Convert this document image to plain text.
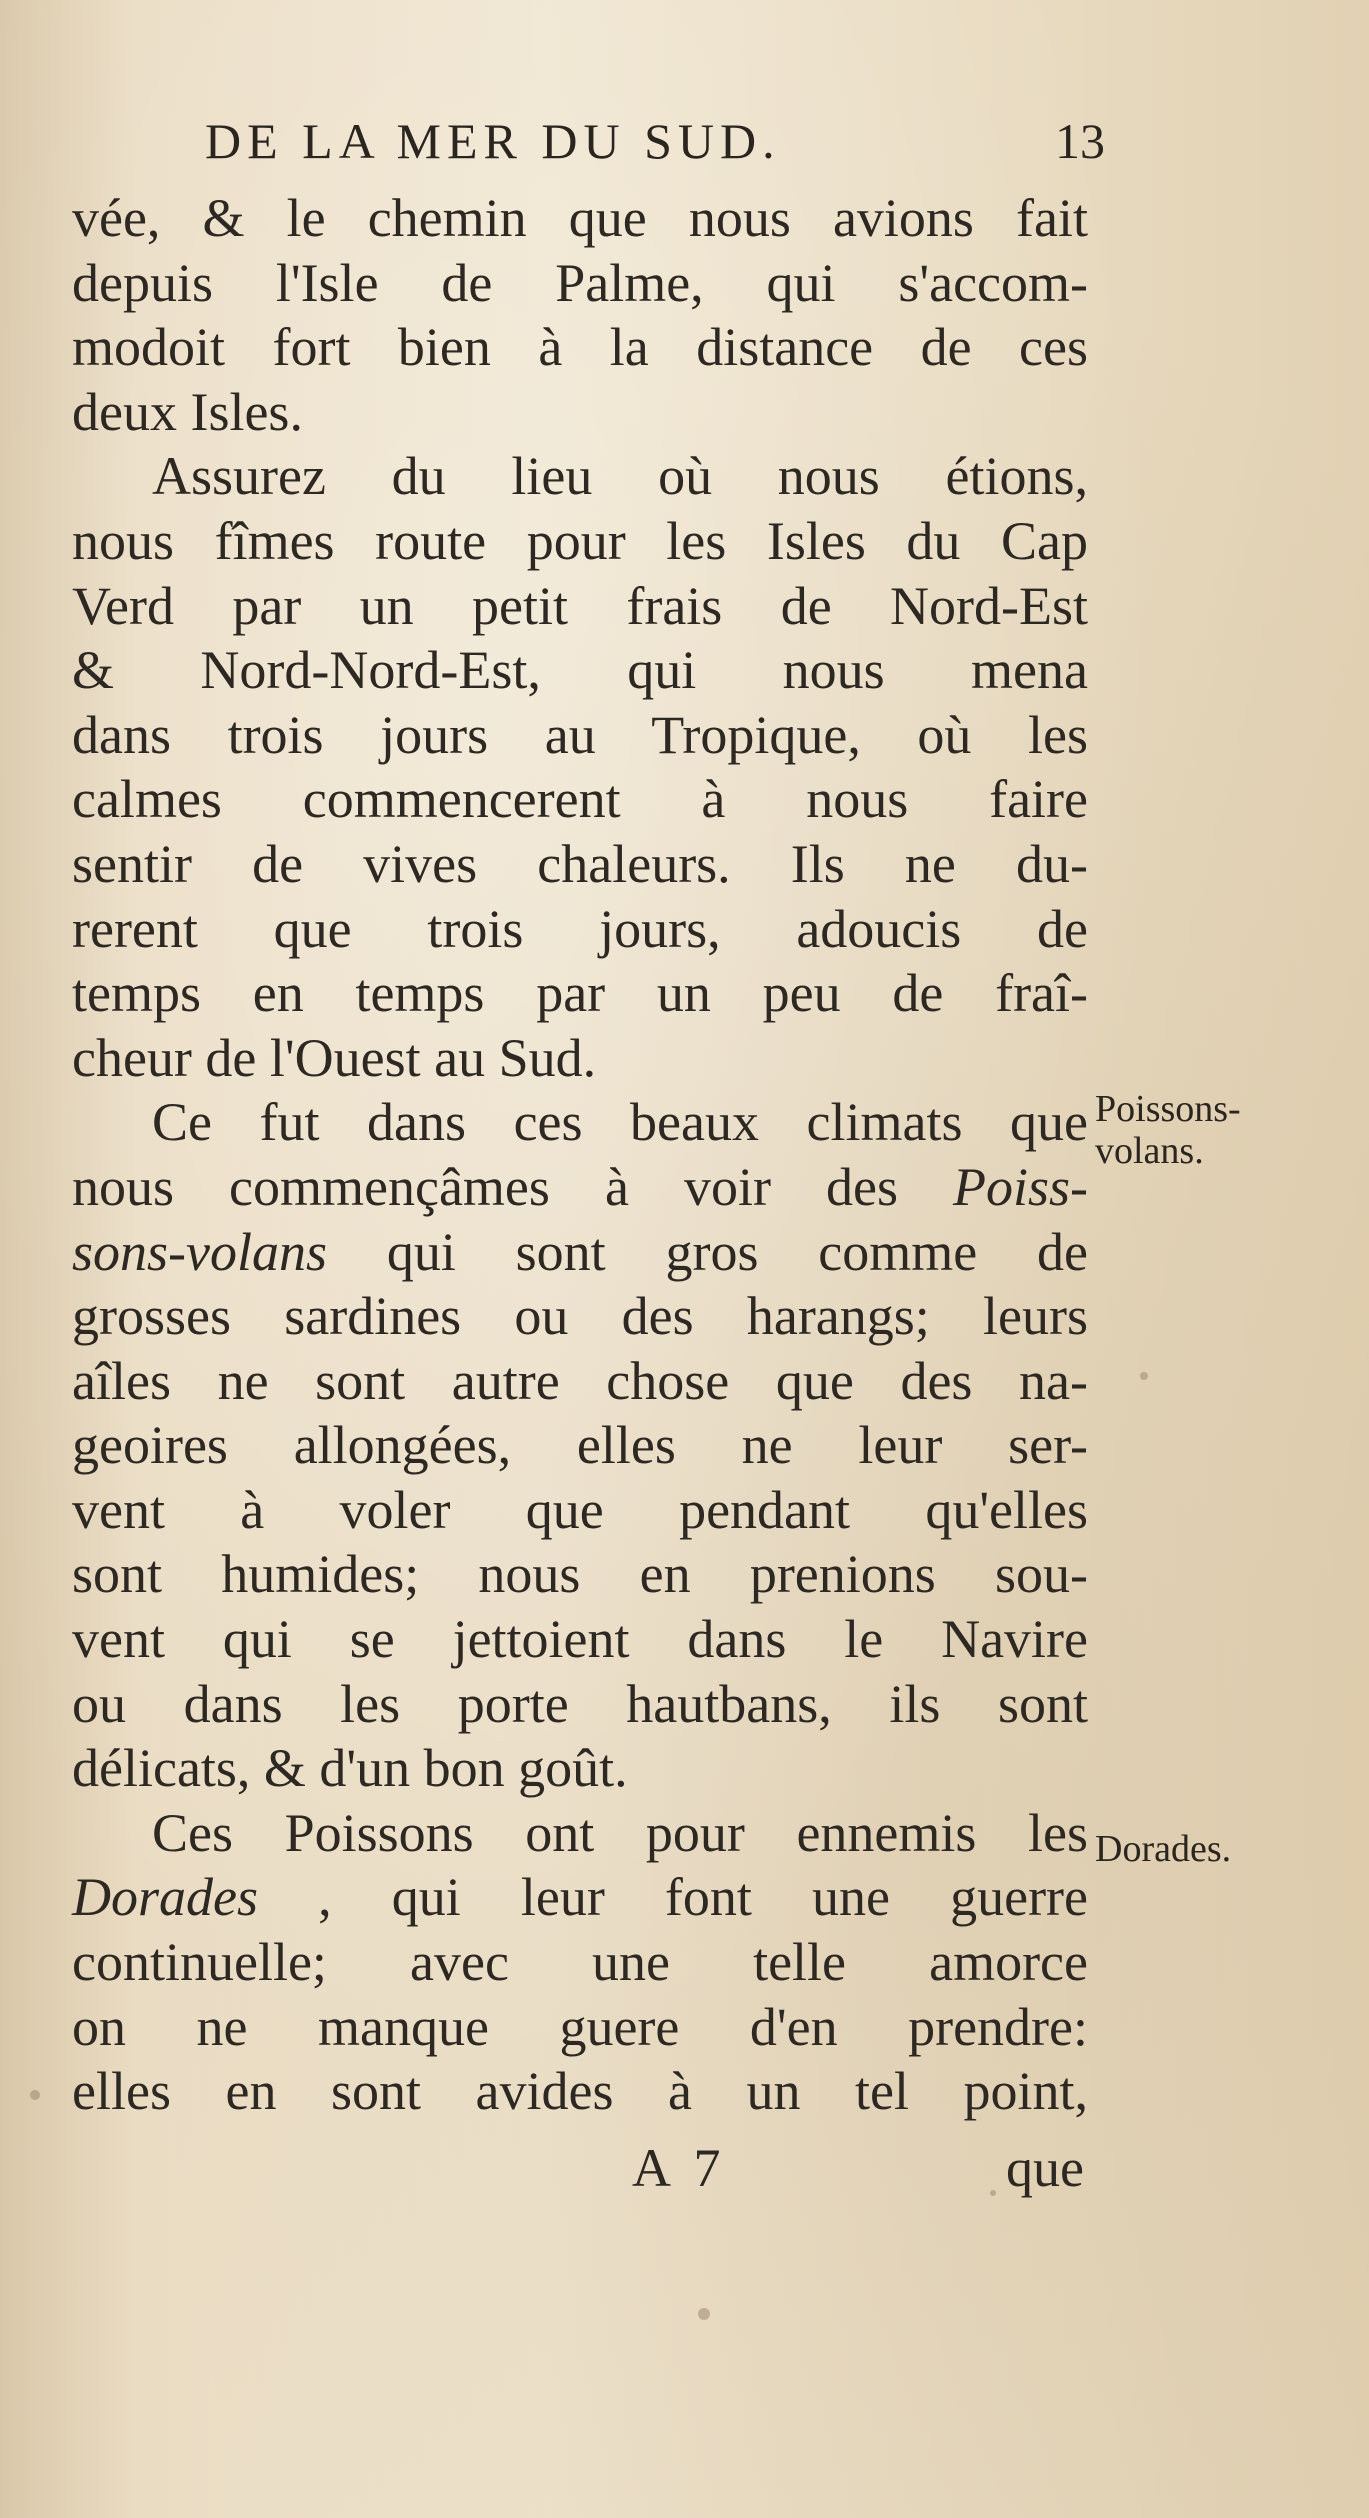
DE LA MER DU SUD.	13
vée, & le chemin que nous avions fait
depuis l'Isle de Palme, qui s'accom-
modoit fort bien à la distance de ces
deux Isles.
Assurez du lieu où nous étions,
nous fîmes route pour les Isles du Cap
Verd par un petit frais de Nord-Est
& Nord-Nord-Est, qui nous mena
dans trois jours au Tropique, où les
calmes commencerent à nous faire
sentir de vives chaleurs. Ils ne du-
rerent que trois jours, adoucis de
temps en temps par un peu de fraî-
cheur de l'Ouest au Sud.
Ce fut dans ces beaux climats que
nous commençâmes à voir des Poiss-
sons-volans qui sont gros comme de
grosses sardines ou des harangs; leurs
aîles ne sont autre chose que des na-
geoires allongées, elles ne leur ser-
vent à voler que pendant qu'elles
sont humides; nous en prenions sou-
vent qui se jettoient dans le Navire
ou dans les porte hautbans, ils sont
délicats, & d'un bon goût.
Ces Poissons ont pour ennemis les
Dorades , qui leur font une guerre
continuelle; avec une telle amorce
on ne manque guere d'en prendre:
elles en sont avides à un tel point,
Poissons-
volans.
Dorades.
A 7	que
